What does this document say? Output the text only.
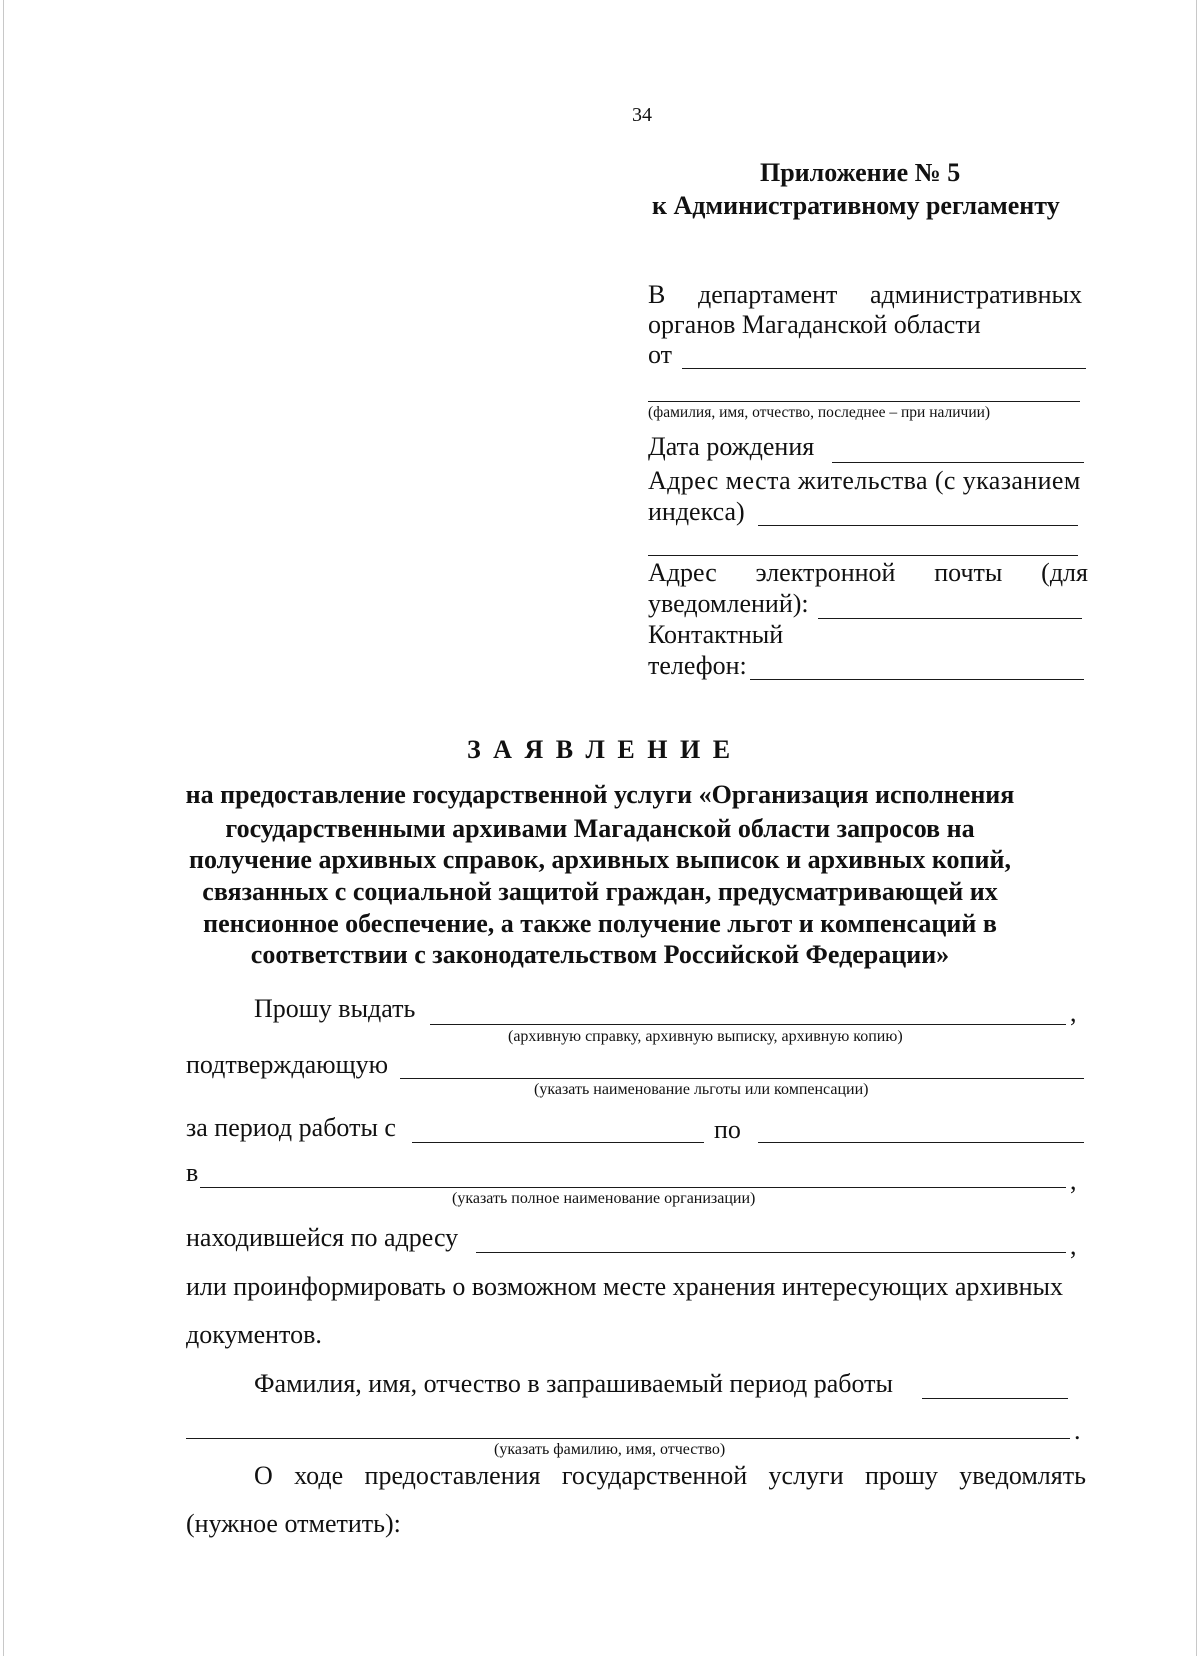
34
Приложение № 5
к Административному регламенту
В департамент административных
органов Магаданской области
от
(фамилия, имя, отчество, последнее – при наличии)
Дата рождения
Адрес места жительства (с указанием
индекса)
Адрес электронной почты (для
уведомлений):
Контактный
телефон:
З А Я В Л Е Н И Е
на предоставление государственной услуги «Организация исполнения
государственными архивами Магаданской области запросов на
получение архивных справок, архивных выписок и архивных копий,
связанных с социальной защитой граждан, предусматривающей их
пенсионное обеспечение, а также получение льгот и компенсаций в
соответствии с законодательством Российской Федерации»
Прошу выдать	,
(архивную справку, архивную выписку, архивную копию)
подтверждающую
(указать наименование льготы или компенсации)
за период работы с	по
в	,
(указать полное наименование организации)
находившейся по адресу	,
или проинформировать о возможном месте хранения интересующих архивных
документов.
Фамилия, имя, отчество в запрашиваемый период работы
.
(указать фамилию, имя, отчество)
О ходе предоставления государственной услуги прошу уведомлять
(нужное отметить):
